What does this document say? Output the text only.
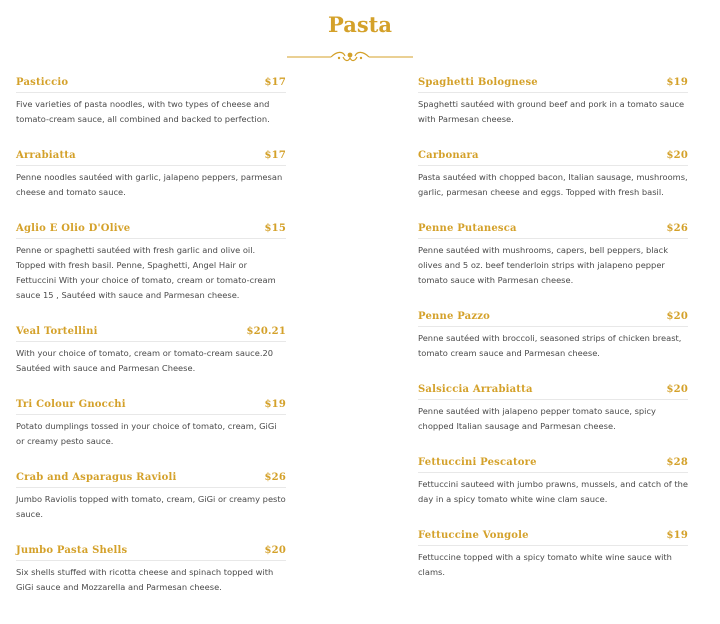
Pasta
Pasticcio	$17
Five varieties of pasta noodles, with two types of cheese and tomato-cream sauce, all combined and backed to perfection.
Arrabiatta	$17
Penne noodles sautéed with garlic, jalapeno peppers, parmesan cheese and tomato sauce.
Aglio E Olio D'Olive	$15
Penne or spaghetti sautéed with fresh garlic and olive oil. Topped with fresh basil. Penne, Spaghetti, Angel Hair or Fettuccini With your choice of tomato, cream or tomato-cream sauce 15 , Sautéed with sauce and Parmesan cheese.
Veal Tortellini	$20.21
With your choice of tomato, cream or tomato-cream sauce.20 Sautéed with sauce and Parmesan Cheese.
Tri Colour Gnocchi	$19
Potato dumplings tossed in your choice of tomato, cream, GiGi or creamy pesto sauce.
Crab and Asparagus Ravioli	$26
Jumbo Raviolis topped with tomato, cream, GiGi or creamy pesto sauce.
Jumbo Pasta Shells	$20
Six shells stuffed with ricotta cheese and spinach topped with GiGi sauce and Mozzarella and Parmesan cheese.
Spaghetti Bolognese	$19
Spaghetti sautéed with ground beef and pork in a tomato sauce with Parmesan cheese.
Carbonara	$20
Pasta sautéed with chopped bacon, Italian sausage, mushrooms, garlic, parmesan cheese and eggs. Topped with fresh basil.
Penne Putanesca	$26
Penne sautéed with mushrooms, capers, bell peppers, black olives and 5 oz. beef tenderloin strips with jalapeno pepper tomato sauce with Parmesan cheese.
Penne Pazzo	$20
Penne sautéed with broccoli, seasoned strips of chicken breast, tomato cream sauce and Parmesan cheese.
Salsiccia Arrabiatta	$20
Penne sautéed with jalapeno pepper tomato sauce, spicy chopped Italian sausage and Parmesan cheese.
Fettuccini Pescatore	$28
Fettuccini sauteed with jumbo prawns, mussels, and catch of the day in a spicy tomato white wine clam sauce.
Fettuccine Vongole	$19
Fettuccine topped with a spicy tomato white wine sauce with clams.
